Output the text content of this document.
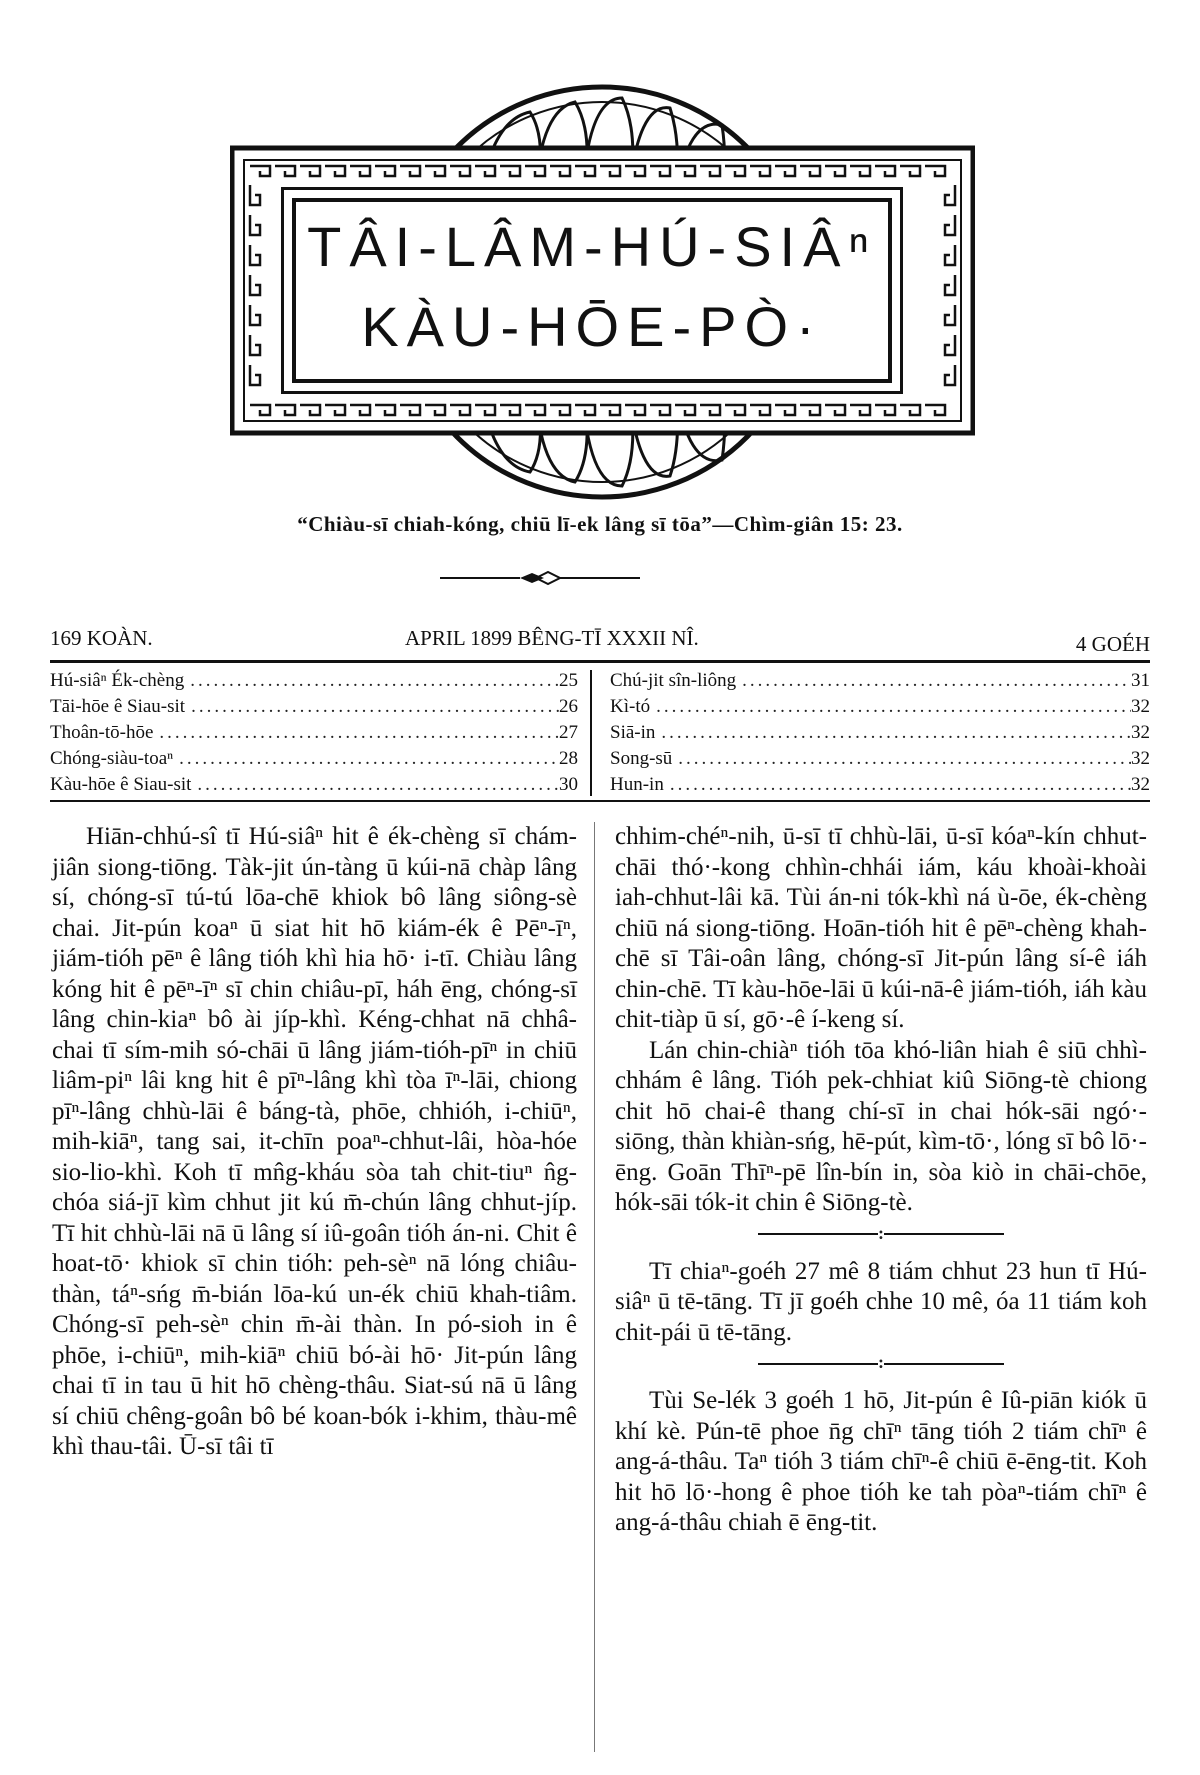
TÂI-LÂM-HÚ-SIÂⁿ
KÀU-HŌE-PÒ·
“Chiàu-sī chiah-kóng, chiū lī-ek lâng sī tōa”—Chìm-giân 15: 23.
169 KOÀN.	APRIL 1899 BÊNG-TĪ XXXII NÎ.	4 GOÉH
Hú-siâⁿ Ék-chèng .....	25
Tāi-hōe ê Siau-sit .....	26
Thoân-tō-hōe .....	27
Chóng-siàu-toaⁿ .....	28
Kàu-hōe ê Siau-sit .....	30
Chú-jit sîn-liông .....	31
Kì-tó .....	32
Siā-in .....	32
Song-sū .....	32
Hun-in .....	32

Hiān-chhú-sî tī Hú-siâⁿ hit ê ék-chèng sī chám-jiân siong-tiōng. Tàk-jit ún-tàng ū kúi-nā chàp lâng sí, chóng-sī tú-tú lōa-chē khiok bô lâng siông-sè chai. Jit-pún koaⁿ ū siat hit hō kiám-ék ê Pēⁿ-īⁿ, jiám-tióh pēⁿ ê lâng tióh khì hia hō· i-tī. Chiàu lâng kóng hit ê pēⁿ-īⁿ sī chin chiâu-pī, háh ēng, chóng-sī lâng chin-kiaⁿ bô ài jíp-khì. Kéng-chhat nā chhâ-chai tī sím-mih só-chāi ū lâng jiám-tióh-pīⁿ in chiū liâm-piⁿ lâi kng hit ê pīⁿ-lâng khì tòa īⁿ-lāi, chiong pīⁿ-lâng chhù-lāi ê báng-tà, phōe, chhióh, i-chiūⁿ, mih-kiāⁿ, tang sai, it-chīn poaⁿ-chhut-lâi, hòa-hóe sio-lio-khì. Koh tī mn̂g-kháu sòa tah chit-tiuⁿ n̂g-chóa siá-jī kìm chhut jit kú m̄-chún lâng chhut-jíp. Tī hit chhù-lāi nā ū lâng sí iû-goân tióh án-ni. Chit ê hoat-tō· khiok sī chin tióh: peh-sèⁿ nā lóng chiâu-thàn, táⁿ-sńg m̄-bián lōa-kú un-ék chiū khah-tiâm. Chóng-sī peh-sèⁿ chin m̄-ài thàn. In pó-sioh in ê phōe, i-chiūⁿ, mih-kiāⁿ chiū bó-ài hō· Jit-pún lâng chai tī in tau ū hit hō chèng-thâu. Siat-sú nā ū lâng sí chiū chêng-goân bô bé koan-bók i-khim, thàu-mê khì thau-tâi. Ū-sī tâi tī

chhim-chéⁿ-nih, ū-sī tī chhù-lāi, ū-sī kóaⁿ-kín chhut-chāi thó·-kong chhìn-chhái iám, káu khoài-khoài iah-chhut-lâi kā. Tùi án-ni tók-khì ná ù-ōe, ék-chèng chiū ná siong-tiōng. Hoān-tióh hit ê pēⁿ-chèng khah-chē sī Tâi-oân lâng, chóng-sī Jit-pún lâng sí-ê iáh chin-chē. Tī kàu-hōe-lāi ū kúi-nā-ê jiám-tióh, iáh kàu chit-tiàp ū sí, gō·-ê í-keng sí.

Lán chin-chiàⁿ tióh tōa khó-liân hiah ê siū chhì-chhám ê lâng. Tióh pek-chhiat kiû Siōng-tè chiong chit hō chai-ê thang chí-sī in chai hók-sāi ngó·-siōng, thàn khiàn-sńg, hē-pút, kìm-tō·, lóng sī bô lō·-ēng. Goān Thīⁿ-pē lîn-bín in, sòa kiò in chāi-chōe, hók-sāi tók-it chin ê Siōng-tè.

:

Tī chiaⁿ-goéh 27 mê 8 tiám chhut 23 hun tī Hú-siâⁿ ū tē-tāng. Tī jī goéh chhe 10 mê, óa 11 tiám koh chit-pái ū tē-tāng.

:

Tùi Se-lék 3 goéh 1 hō, Jit-pún ê Iû-piān kiók ū khí kè. Pún-tē phoe n̄g chīⁿ tāng tióh 2 tiám chīⁿ ê ang-á-thâu. Taⁿ tióh 3 tiám chīⁿ-ê chiū ē-ēng-tit. Koh hit hō lō·-hong ê phoe tióh ke tah pòaⁿ-tiám chīⁿ ê ang-á-thâu chiah ē ēng-tit.
